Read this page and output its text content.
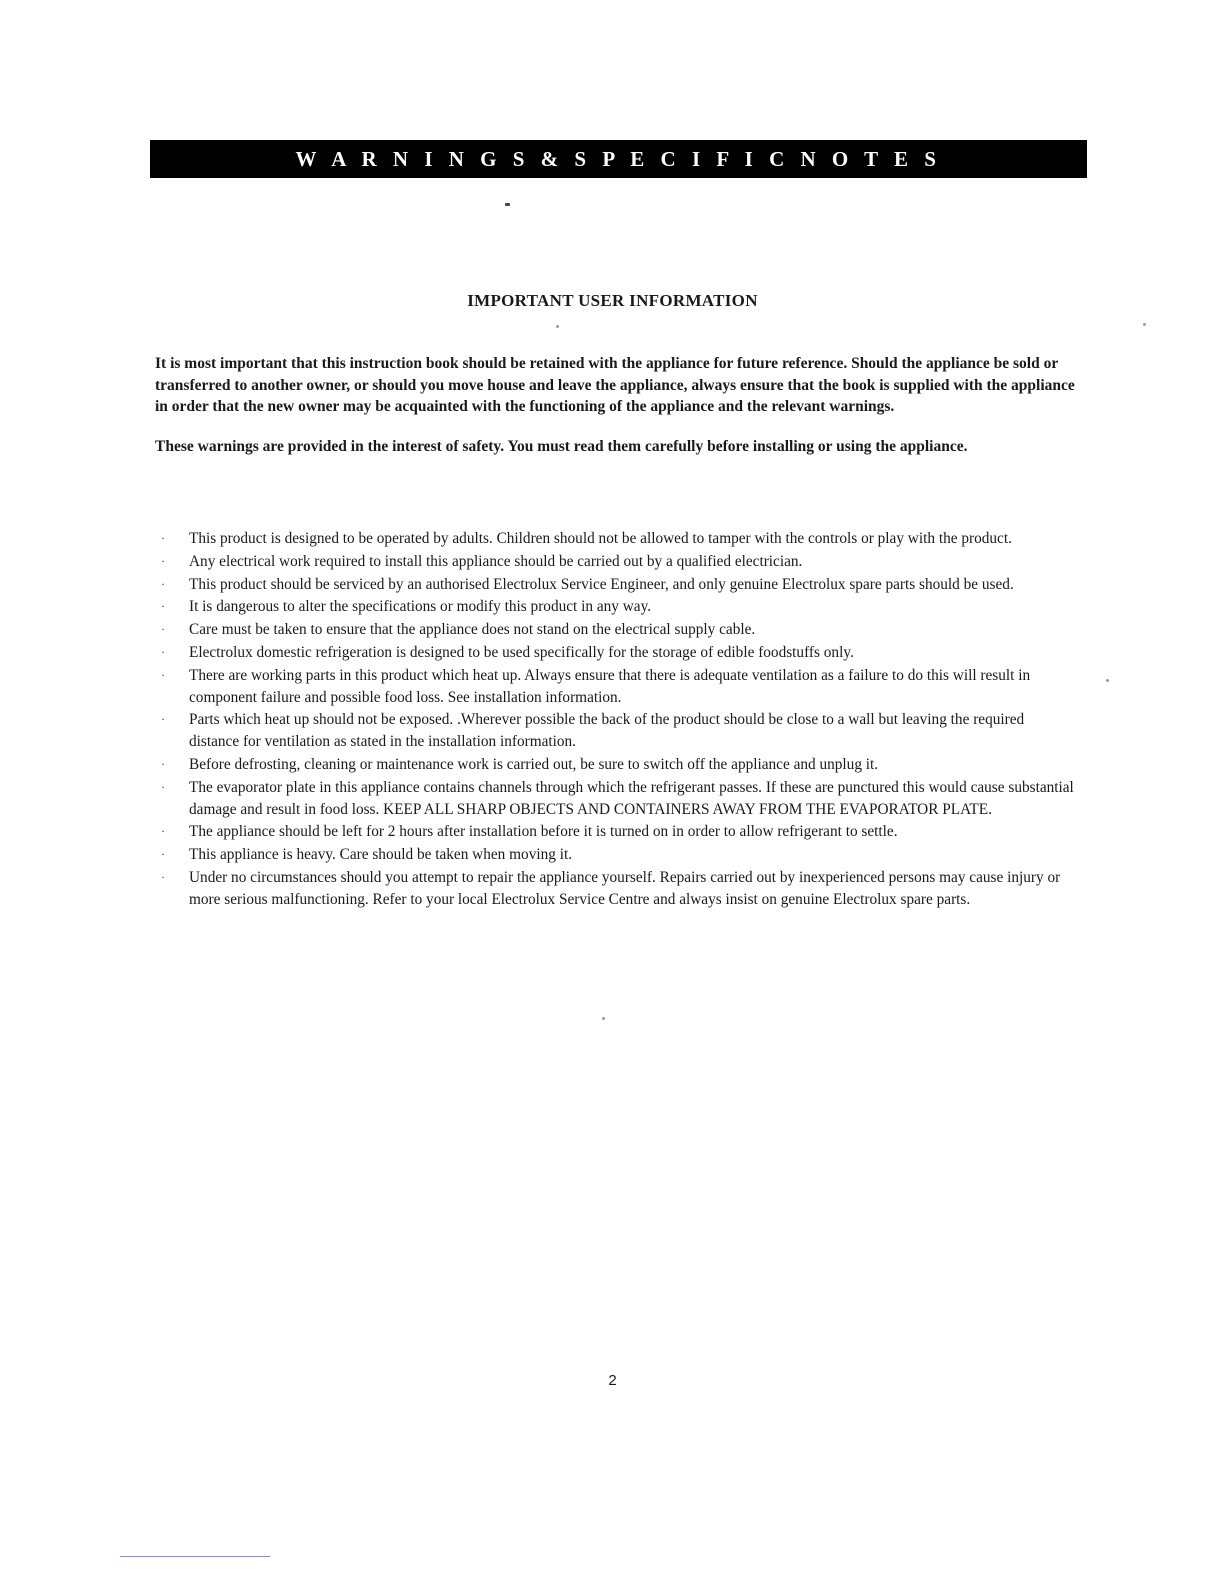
W A R N I N G S & S P E C I F I C N O T E S
IMPORTANT USER INFORMATION

It is most important that this instruction book should be retained with the appliance for future reference. Should the appliance be sold or transferred to another owner, or should you move house and leave the appliance, always ensure that the book is supplied with the appliance in order that the new owner may be acquainted with the functioning of the appliance and the relevant warnings.

These warnings are provided in the interest of safety. You must read them carefully before installing or using the appliance.

·	This product is designed to be operated by adults. Children should not be allowed to tamper with the controls or play with the product.
·	Any electrical work required to install this appliance should be carried out by a qualified electrician.
·	This product should be serviced by an authorised Electrolux Service Engineer, and only genuine Electrolux spare parts should be used.
·	It is dangerous to alter the specifications or modify this product in any way.
·	Care must be taken to ensure that the appliance does not stand on the electrical supply cable.
·	Electrolux domestic refrigeration is designed to be used specifically for the storage of edible foodstuffs only.
·	There are working parts in this product which heat up. Always ensure that there is adequate ventilation as a failure to do this will result in component failure and possible food loss. See installation information.
·	Parts which heat up should not be exposed. .Wherever possible the back of the product should be close to a wall but leaving the required distance for ventilation as stated in the installation information.
·	Before defrosting, cleaning or maintenance work is carried out, be sure to switch off the appliance and unplug it.
·	The evaporator plate in this appliance contains channels through which the refrigerant passes. If these are punctured this would cause substantial damage and result in food loss. KEEP ALL SHARP OBJECTS AND CONTAINERS AWAY FROM THE EVAPORATOR PLATE.
·	The appliance should be left for 2 hours after installation before it is turned on in order to allow refrigerant to settle.
·	This appliance is heavy. Care should be taken when moving it.
·	Under no circumstances should you attempt to repair the appliance yourself. Repairs carried out by inexperienced persons may cause injury or more serious malfunctioning. Refer to your local Electrolux Service Centre and always insist on genuine Electrolux spare parts.
2
